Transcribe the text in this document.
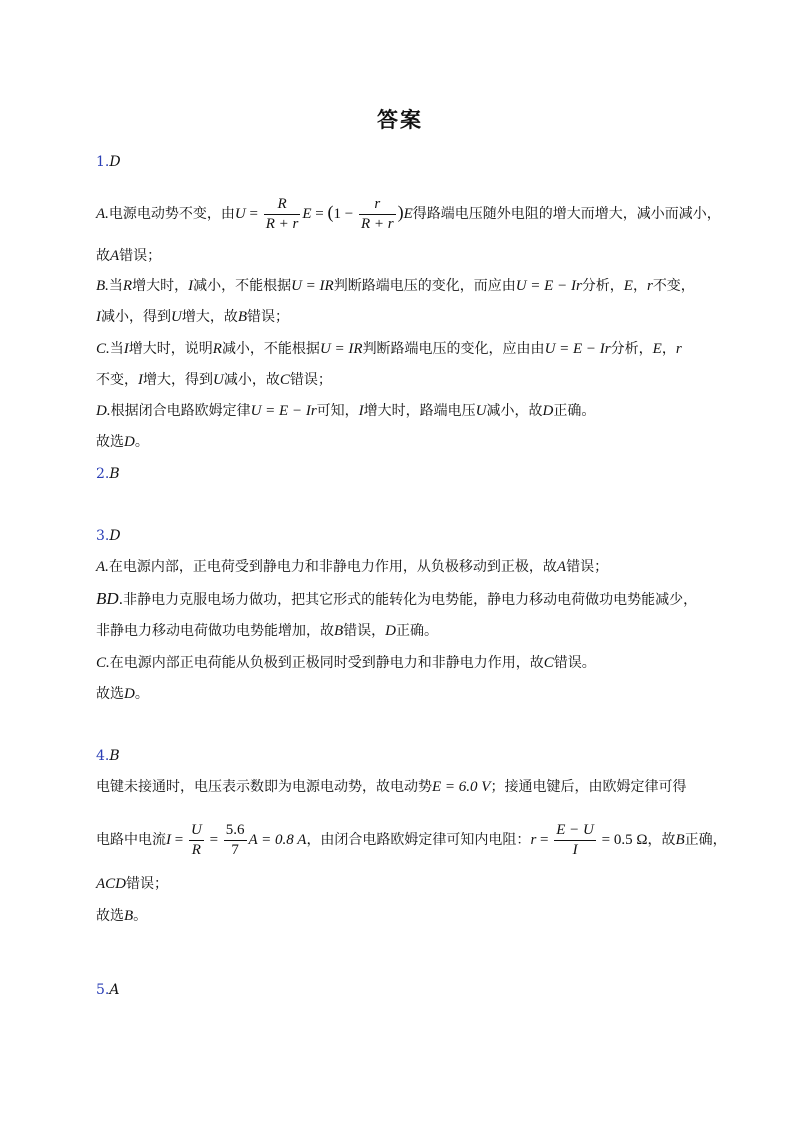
答案
1.D
A.电源电动势不变，由$U = \frac{R}{R + r}$ $E = (1 - \frac{r}{R + r} )E$得路端电压随外电阻的增大而增大，减小而减小，
故A错误；
B.当R增大时，I减小，不能根据U = IR判断路端电压的变化，而应由U = E − Ir分析，E，r不变，
I减小，得到U增大，故B错误；
C.当I增大时，说明R减小，不能根据U = IR判断路端电压的变化，应由由U = E − Ir分析，E，r
不变，I增大，得到U减小，故C错误；
D.根据闭合电路欧姆定律U = E − Ir可知，I增大时，路端电压U减小，故D正确。
故选D。
2.B
3.D
A.在电源内部，正电荷受到静电力和非静电力作用，从负极移动到正极，故A错误；
BD.非静电力克服电场力做功，把其它形式的能转化为电势能，静电力移动电荷做功电势能减少，
非静电力移动电荷做功电势能增加，故B错误，D正确。
C.在电源内部正电荷能从负极到正极同时受到静电力和非静电力作用，故C错误。
故选D。
4.B
电键未接通时，电压表示数即为电源电动势，故电动势E = 6.0 V；接通电键后，由欧姆定律可得
电路中电流$I = \frac{U}{R} = \frac{5.6}{7}$ A = 0.8 A，由闭合电路欧姆定律可知内电阻：$r = \frac{E - U}{I} = 0.5$ Ω，故B正确，
ACD错误；
故选B。
5.A
